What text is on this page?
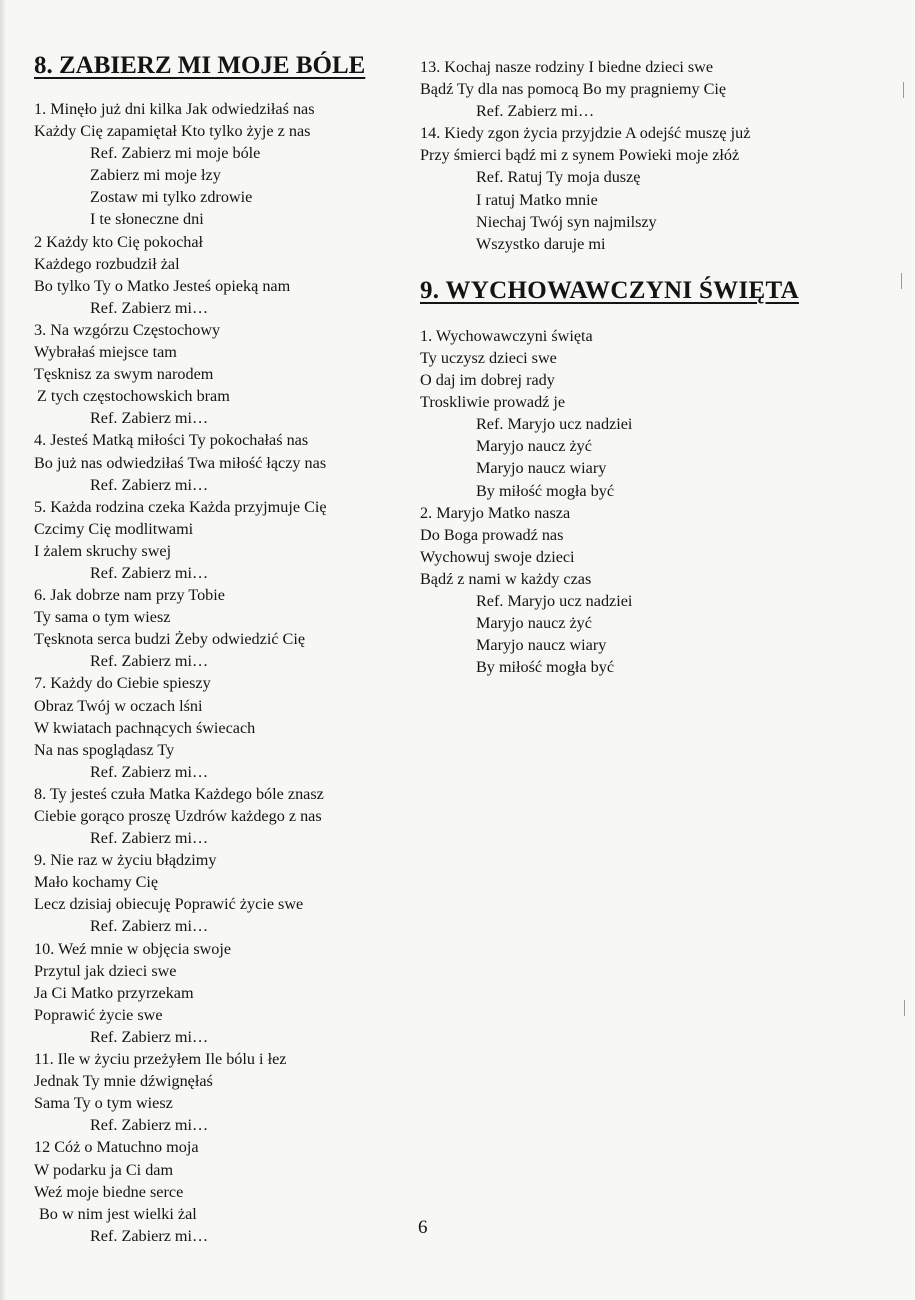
8. ZABIERZ MI MOJE BÓLE
1. Minęło już dni kilka Jak odwiedziłaś nas
Każdy Cię zapamiętał Kto tylko żyje z nas
Ref. Zabierz mi moje bóle
Zabierz mi moje łzy
Zostaw mi tylko zdrowie
I te słoneczne dni
2 Każdy kto Cię pokochał
Każdego rozbudził żal
Bo tylko Ty o Matko Jesteś opieką nam
Ref. Zabierz mi…
3. Na wzgórzu Częstochowy
Wybrałaś miejsce tam
Tęsknisz za swym narodem
Z tych częstochowskich bram
Ref. Zabierz mi…
4. Jesteś Matką miłości Ty pokochałaś nas
Bo już nas odwiedziłaś Twa miłość łączy nas
Ref. Zabierz mi…
5. Każda rodzina czeka Każda przyjmuje Cię
Czcimy Cię modlitwami
I żalem skruchy swej
Ref. Zabierz mi…
6. Jak dobrze nam przy Tobie
Ty sama o tym wiesz
Tęsknota serca budzi Żeby odwiedzić Cię
Ref. Zabierz mi…
7. Każdy do Ciebie spieszy
Obraz Twój w oczach lśni
W kwiatach pachnących świecach
Na nas spoglądasz Ty
Ref. Zabierz mi…
8. Ty jesteś czuła Matka Każdego bóle znasz
Ciebie gorąco proszę Uzdrów każdego z nas
Ref. Zabierz mi…
9. Nie raz w życiu błądzimy
Mało kochamy Cię
Lecz dzisiaj obiecuję Poprawić życie swe
Ref. Zabierz mi…
10. Weź mnie w objęcia swoje
Przytul jak dzieci swe
Ja Ci Matko przyrzekam
Poprawić życie swe
Ref. Zabierz mi…
11. Ile w życiu przeżyłem Ile bólu i łez
Jednak Ty mnie dźwignęłaś
Sama Ty o tym wiesz
Ref. Zabierz mi…
12 Cóż o Matuchno moja
W podarku ja Ci dam
Weź moje biedne serce
Bo w nim jest wielki żal
Ref. Zabierz mi…
13. Kochaj nasze rodziny I biedne dzieci swe
Bądź Ty dla nas pomocą Bo my pragniemy Cię
Ref. Zabierz mi…
14. Kiedy zgon życia przyjdzie A odejść muszę już
Przy śmierci bądź mi z synem Powieki moje złóż
Ref. Ratuj Ty moja duszę
I ratuj Matko mnie
Niechaj Twój syn najmilszy
Wszystko daruje mi
9. WYCHOWAWCZYNI ŚWIĘTA
1. Wychowawczyni święta
Ty uczysz dzieci swe
O daj im dobrej rady
Troskliwie prowadź je
Ref. Maryjo ucz nadziei
Maryjo naucz żyć
Maryjo naucz wiary
By miłość mogła być
2. Maryjo Matko nasza
Do Boga prowadź nas
Wychowuj swoje dzieci
Bądź z nami w każdy czas
Ref. Maryjo ucz nadziei
Maryjo naucz żyć
Maryjo naucz wiary
By miłość mogła być
6
